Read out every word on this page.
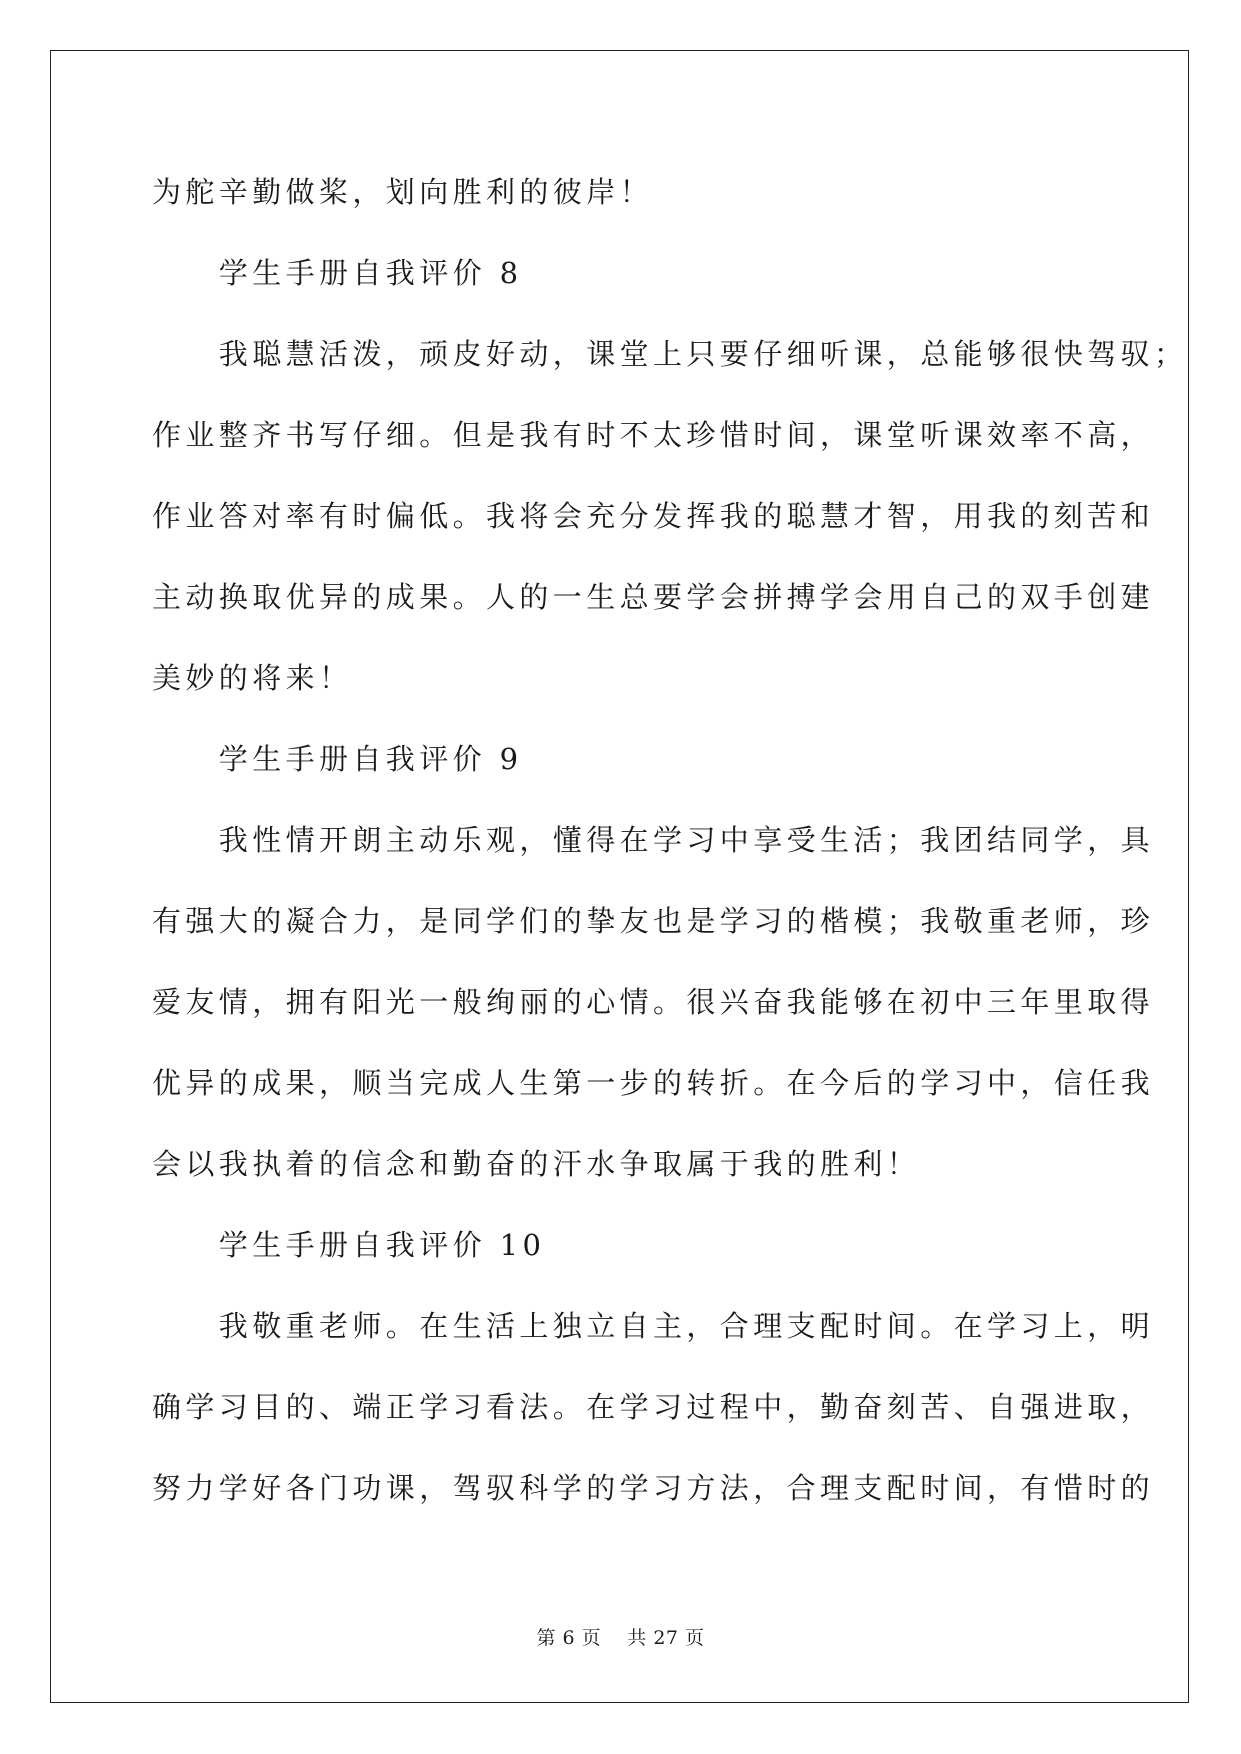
为舵辛勤做桨，划向胜利的彼岸！
　　学生手册自我评价 8
　　我聪慧活泼，顽皮好动，课堂上只要仔细听课，总能够很快驾驭；
作业整齐书写仔细。但是我有时不太珍惜时间，课堂听课效率不高，
作业答对率有时偏低。我将会充分发挥我的聪慧才智，用我的刻苦和
主动换取优异的成果。人的一生总要学会拼搏学会用自己的双手创建
美妙的将来！
　　学生手册自我评价 9
　　我性情开朗主动乐观，懂得在学习中享受生活；我团结同学，具
有强大的凝合力，是同学们的挚友也是学习的楷模；我敬重老师，珍
爱友情，拥有阳光一般绚丽的心情。很兴奋我能够在初中三年里取得
优异的成果，顺当完成人生第一步的转折。在今后的学习中，信任我
会以我执着的信念和勤奋的汗水争取属于我的胜利！
　　学生手册自我评价 10
　　我敬重老师。在生活上独立自主，合理支配时间。在学习上，明
确学习目的、端正学习看法。在学习过程中，勤奋刻苦、自强进取，
努力学好各门功课，驾驭科学的学习方法，合理支配时间，有惜时的
第 6 页 共 27 页
